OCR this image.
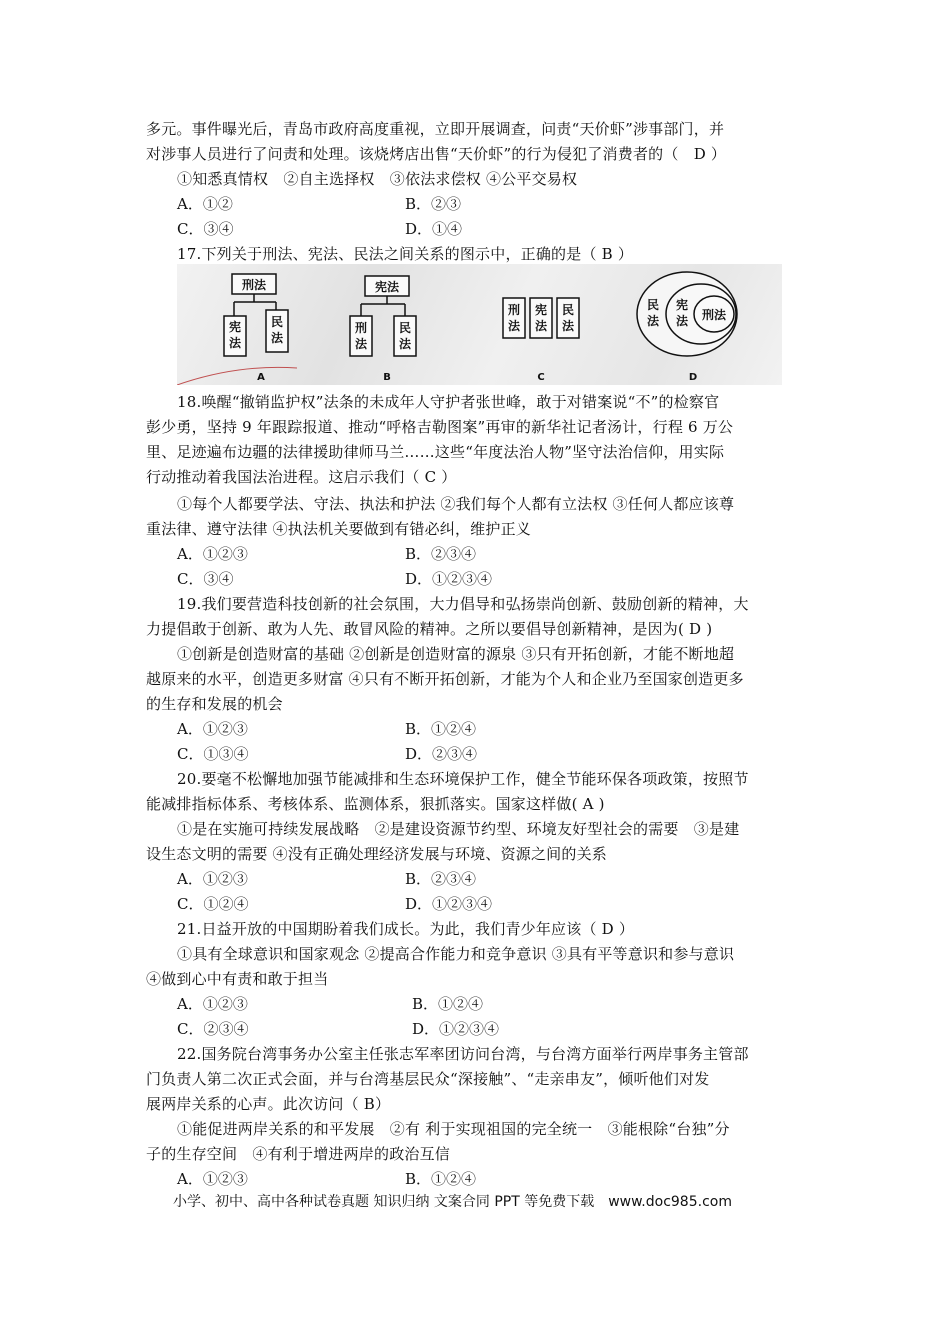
多元。事件曝光后，青岛市政府高度重视，立即开展调查，问责“天价虾”涉事部门，并
对涉事人员进行了问责和处理。该烧烤店出售“天价虾”的行为侵犯了消费者的（　D ）
①知悉真情权　②自主选择权　③依法求偿权 ④公平交易权
A．①②	B．②③
C．③④	D．①④
17.下列关于刑法、宪法、民法之间关系的图示中，正确的是（ B ）
刑法
宪
法
民
法
A
宪法
刑
法
民
法
B
刑
法
宪
法
民
法
C
民
法
宪
法 刑法
D
18.唤醒“撤销监护权”法条的未成年人守护者张世峰，敢于对错案说“不”的检察官
彭少勇，坚持 9 年跟踪报道、推动“呼格吉勒图案”再审的新华社记者汤计，行程 6 万公
里、足迹遍布边疆的法律援助律师马兰……这些“年度法治人物”坚守法治信仰，用实际
行动推动着我国法治进程。这启示我们（ C ）
①每个人都要学法、守法、执法和护法 ②我们每个人都有立法权 ③任何人都应该尊
重法律、遵守法律 ④执法机关要做到有错必纠，维护正义
A．①②③	B．②③④
C．③④	D．①②③④
19.我们要营造科技创新的社会氛围，大力倡导和弘扬崇尚创新、鼓励创新的精神，大
力提倡敢于创新、敢为人先、敢冒风险的精神。之所以要倡导创新精神，是因为( D )
①创新是创造财富的基础 ②创新是创造财富的源泉 ③只有开拓创新，才能不断地超
越原来的水平，创造更多财富 ④只有不断开拓创新，才能为个人和企业乃至国家创造更多
的生存和发展的机会
A．①②③	B．①②④
C．①③④	D．②③④
20.要毫不松懈地加强节能减排和生态环境保护工作，健全节能环保各项政策，按照节
能减排指标体系、考核体系、监测体系，狠抓落实。国家这样做( A )
①是在实施可持续发展战略　②是建设资源节约型、环境友好型社会的需要　③是建
设生态文明的需要 ④没有正确处理经济发展与环境、资源之间的关系
A．①②③	B．②③④
C．①②④	D．①②③④
21.日益开放的中国期盼着我们成长。为此，我们青少年应该（ D ）
①具有全球意识和国家观念 ②提高合作能力和竞争意识 ③具有平等意识和参与意识
④做到心中有责和敢于担当
A．①②③	B．①②④
C．②③④	D．①②③④
22.国务院台湾事务办公室主任张志军率团访问台湾，与台湾方面举行两岸事务主管部
门负责人第二次正式会面，并与台湾基层民众“深接触”、“走亲串友”，倾听他们对发
展两岸关系的心声。此次访问（ B）
①能促进两岸关系的和平发展　②有 利于实现祖国的完全统一　③能根除“台独”分
子的生存空间　④有利于增进两岸的政治互信
A．①②③	B．①②④
小学、初中、高中各种试卷真题 知识归纳 文案合同 PPT 等免费下载　www.doc985.com
